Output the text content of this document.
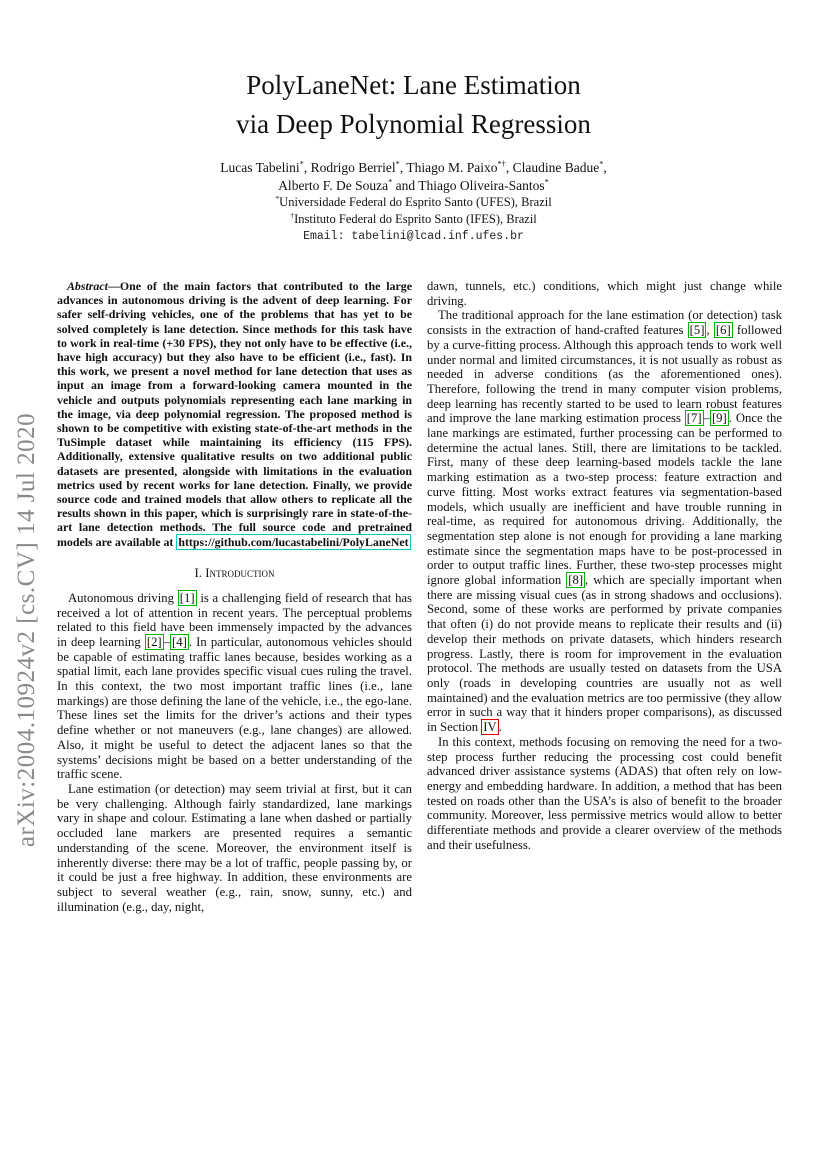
arXiv:2004.10924v2 [cs.CV] 14 Jul 2020
PolyLaneNet: Lane Estimation
via Deep Polynomial Regression
Lucas Tabelini*, Rodrigo Berriel*, Thiago M. Paixo*†, Claudine Badue*,
Alberto F. De Souza* and Thiago Oliveira-Santos*
*Universidade Federal do Esprito Santo (UFES), Brazil
†Instituto Federal do Esprito Santo (IFES), Brazil
Email: tabelini@lcad.inf.ufes.br

Abstract—One of the main factors that contributed to the large advances in autonomous driving is the advent of deep learning. For safer self-driving vehicles, one of the problems that has yet to be solved completely is lane detection. Since methods for this task have to work in real-time (+30 FPS), they not only have to be effective (i.e., have high accuracy) but they also have to be efficient (i.e., fast). In this work, we present a novel method for lane detection that uses as input an image from a forward-looking camera mounted in the vehicle and outputs polynomials representing each lane marking in the image, via deep polynomial regression. The proposed method is shown to be competitive with existing state-of-the-art methods in the TuSimple dataset while maintaining its efficiency (115 FPS). Additionally, extensive qualitative results on two additional public datasets are presented, alongside with limitations in the evaluation metrics used by recent works for lane detection. Finally, we provide source code and trained models that allow others to replicate all the results shown in this paper, which is surprisingly rare in state-of-the-art lane detection methods. The full source code and pretrained models are available at https://github.com/lucastabelini/PolyLaneNet

I. Introduction

Autonomous driving [1] is a challenging field of research that has received a lot of attention in recent years. The perceptual problems related to this field have been immensely impacted by the advances in deep learning [2] – [4] . In particular, autonomous vehicles should be capable of estimating traffic lanes because, besides working as a spatial limit, each lane provides specific visual cues ruling the travel. In this context, the two most important traffic lines (i.e., lane markings) are those defining the lane of the vehicle, i.e., the ego-lane. These lines set the limits for the driver’s actions and their types define whether or not maneuvers (e.g., lane changes) are allowed. Also, it might be useful to detect the adjacent lanes so that the systems’ decisions might be based on a better understanding of the traffic scene.

Lane estimation (or detection) may seem trivial at first, but it can be very challenging. Although fairly standardized, lane markings vary in shape and colour. Estimating a lane when dashed or partially occluded lane markers are presented requires a semantic understanding of the scene. Moreover, the environment itself is inherently diverse: there may be a lot of traffic, people passing by, or it could be just a free highway. In addition, these environments are subject to several weather (e.g., rain, snow, sunny, etc.) and illumination (e.g., day, night,

dawn, tunnels, etc.) conditions, which might just change while driving.

The traditional approach for the lane estimation (or detection) task consists in the extraction of hand-crafted features [5] , [6] followed by a curve-fitting process. Although this approach tends to work well under normal and limited circumstances, it is not usually as robust as needed in adverse conditions (as the aforementioned ones). Therefore, following the trend in many computer vision problems, deep learning has recently started to be used to learn robust features and improve the lane marking estimation process [7] – [9] . Once the lane markings are estimated, further processing can be performed to determine the actual lanes. Still, there are limitations to be tackled. First, many of these deep learning-based models tackle the lane marking estimation as a two-step process: feature extraction and curve fitting. Most works extract features via segmentation-based models, which usually are inefficient and have trouble running in real-time, as required for autonomous driving. Additionally, the segmentation step alone is not enough for providing a lane marking estimate since the segmentation maps have to be post-processed in order to output traffic lines. Further, these two-step processes might ignore global information [8] , which are specially important when there are missing visual cues (as in strong shadows and occlusions). Second, some of these works are performed by private companies that often (i) do not provide means to replicate their results and (ii) develop their methods on private datasets, which hinders research progress. Lastly, there is room for improvement in the evaluation protocol. The methods are usually tested on datasets from the USA only (roads in developing countries are usually not as well maintained) and the evaluation metrics are too permissive (they allow error in such a way that it hinders proper comparisons), as discussed in Section IV .

In this context, methods focusing on removing the need for a two-step process further reducing the processing cost could benefit advanced driver assistance systems (ADAS) that often rely on low-energy and embedding hardware. In addition, a method that has been tested on roads other than the USA’s is also of benefit to the broader community. Moreover, less permissive metrics would allow to better differentiate methods and provide a clearer overview of the methods and their usefulness.
